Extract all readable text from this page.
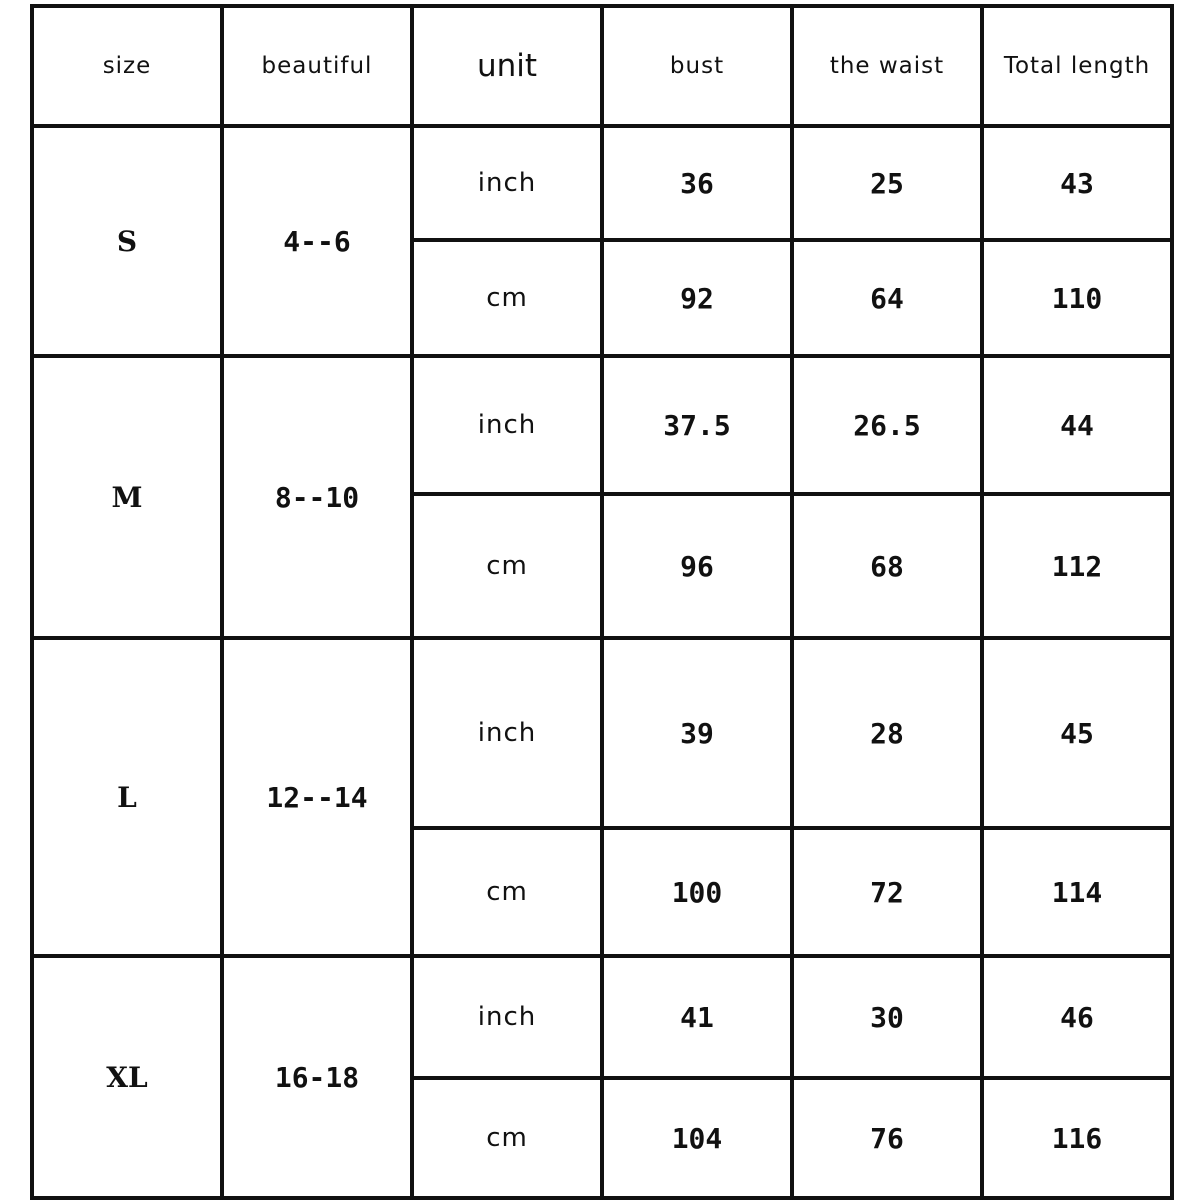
size	beautiful	unit	bust	the waist	Total length
S	4--6	inch	36	25	43
		cm	92	64	110
M	8--10	inch	37.5	26.5	44
		cm	96	68	112
L	12--14	inch	39	28	45
		cm	100	72	114
XL	16-18	inch	41	30	46
		cm	104	76	116
